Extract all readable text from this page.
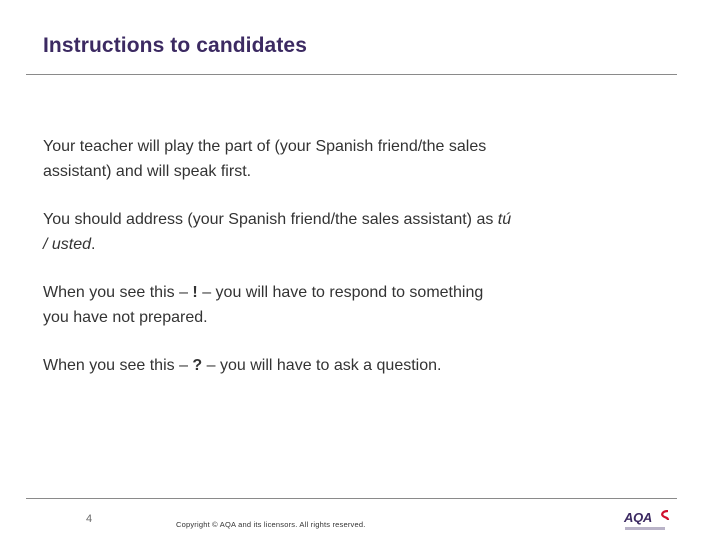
Instructions to candidates

Your teacher will play the part of (your Spanish friend/the sales assistant) and will speak first.

You should address (your Spanish friend/the sales assistant) as tú / usted.

When you see this – ! – you will have to respond to something you have not prepared.

When you see this – ? – you will have to ask a question.

4	Copyright © AQA and its licensors. All rights reserved.	AQA
